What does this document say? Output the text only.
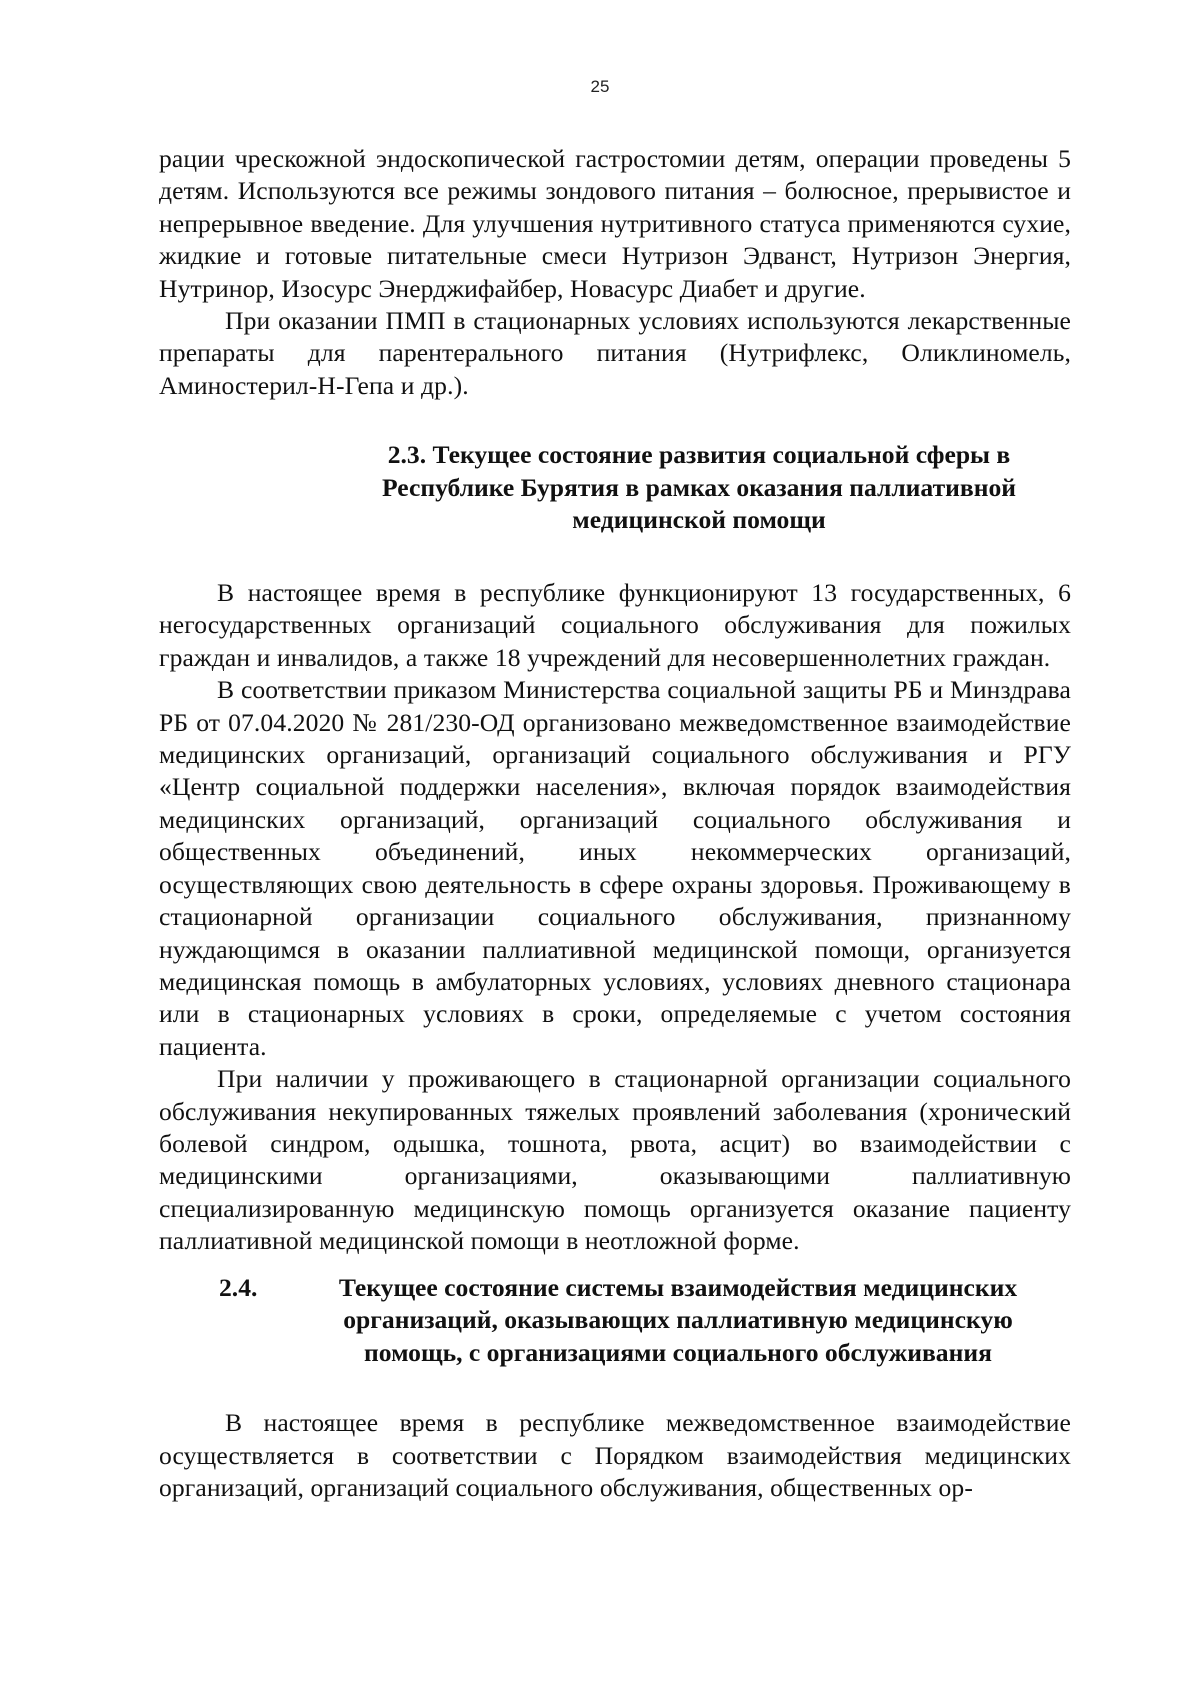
25

рации чрескожной эндоскопической гастростомии детям, операции проведены 5 детям. Используются все режимы зондового питания – болюсное, прерывистое и непрерывное введение. Для улучшения нутритивного статуса применяются сухие, жидкие и готовые питательные смеси Нутризон Эдванст, Нутризон Энергия, Нутринор, Изосурс Энерджифайбер, Новасурс Диабет и другие.

При оказании ПМП в стационарных условиях используются лекарственные препараты для парентерального питания (Нутрифлекс, Оликлиномель, Аминостерил-Н-Гепа и др.).

2.3. Текущее состояние развития социальной сферы в
Республике Бурятия в рамках оказания паллиативной
медицинской помощи

В настоящее время в республике функционируют 13 государственных, 6 негосударственных организаций социального обслуживания для пожилых граждан и инвалидов, а также 18 учреждений для несовершеннолетних граждан.

В соответствии приказом Министерства социальной защиты РБ и Минздрава РБ от 07.04.2020 № 281/230-ОД организовано межведомственное взаимодействие медицинских организаций, организаций социального обслуживания и РГУ «Центр социальной поддержки населения», включая порядок взаимодействия медицинских организаций, организаций социального обслуживания и общественных объединений, иных некоммерческих организаций, осуществляющих свою деятельность в сфере охраны здоровья. Проживающему в стационарной организации социального обслуживания, признанному нуждающимся в оказании паллиативной медицинской помощи, организуется медицинская помощь в амбулаторных условиях, условиях дневного стационара или в стационарных условиях в сроки, определяемые с учетом состояния пациента.

При наличии у проживающего в стационарной организации социального обслуживания некупированных тяжелых проявлений заболевания (хронический болевой синдром, одышка, тошнота, рвота, асцит) во взаимодействии с медицинскими организациями, оказывающими паллиативную специализированную медицинскую помощь организуется оказание пациенту паллиативной медицинской помощи в неотложной форме.

2.4.	Текущее состояние системы взаимодействия медицинских
организаций, оказывающих паллиативную медицинскую
помощь, с организациями социального обслуживания

В настоящее время в республике межведомственное взаимодействие осуществляется в соответствии с Порядком взаимодействия медицинских организаций, организаций социального обслуживания, общественных ор-
